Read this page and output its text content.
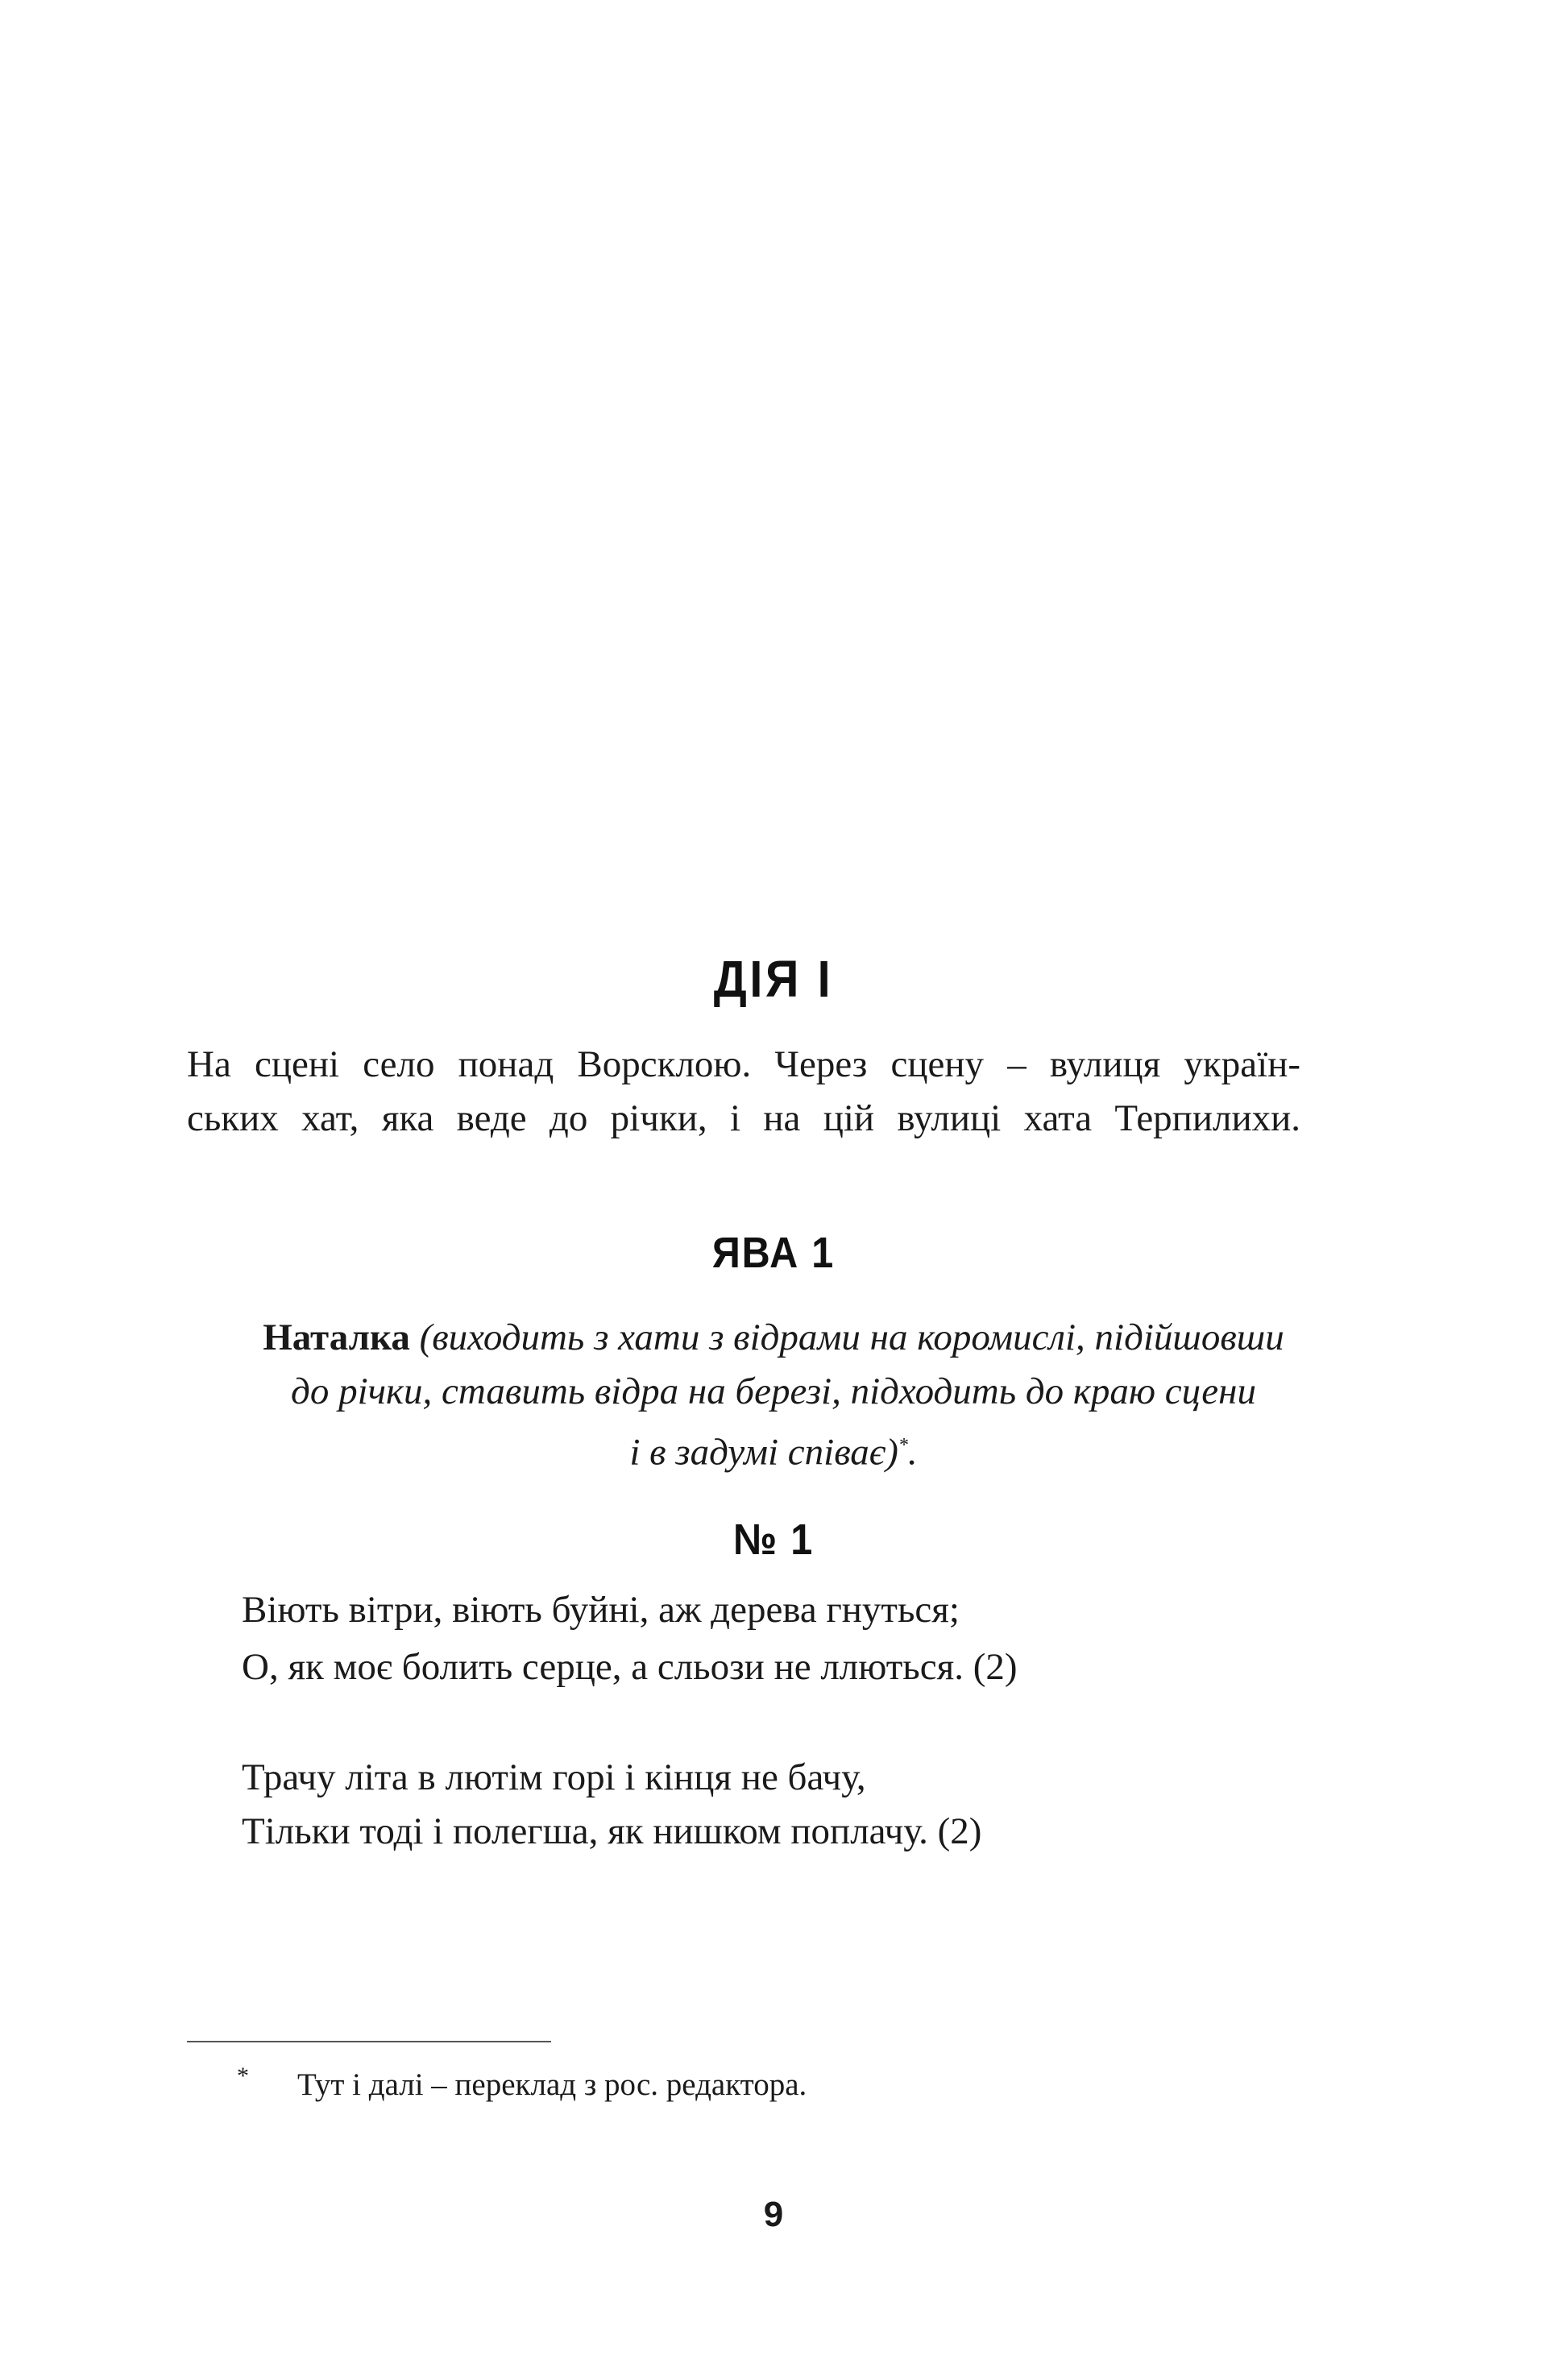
ДІЯ І
На сцені село понад Ворсклою. Через сцену – вулиця україн-
ських хат, яка веде до річки, і на цій вулиці хата Терпилихи.
ЯВА 1
Наталка (виходить з хати з відрами на коромислі, підійшовши
до річки, ставить відра на березі, підходить до краю сцени
і в задумі співає)*.
№ 1
Віють вітри, віють буйні, аж дерева гнуться;
О, як моє болить серце, а сльози не ллються. (2)
Трачу літа в лютім горі і кінця не бачу,
Тільки тоді і полегша, як нишком поплачу. (2)
* Тут і далі – переклад з рос. редактора.
9
